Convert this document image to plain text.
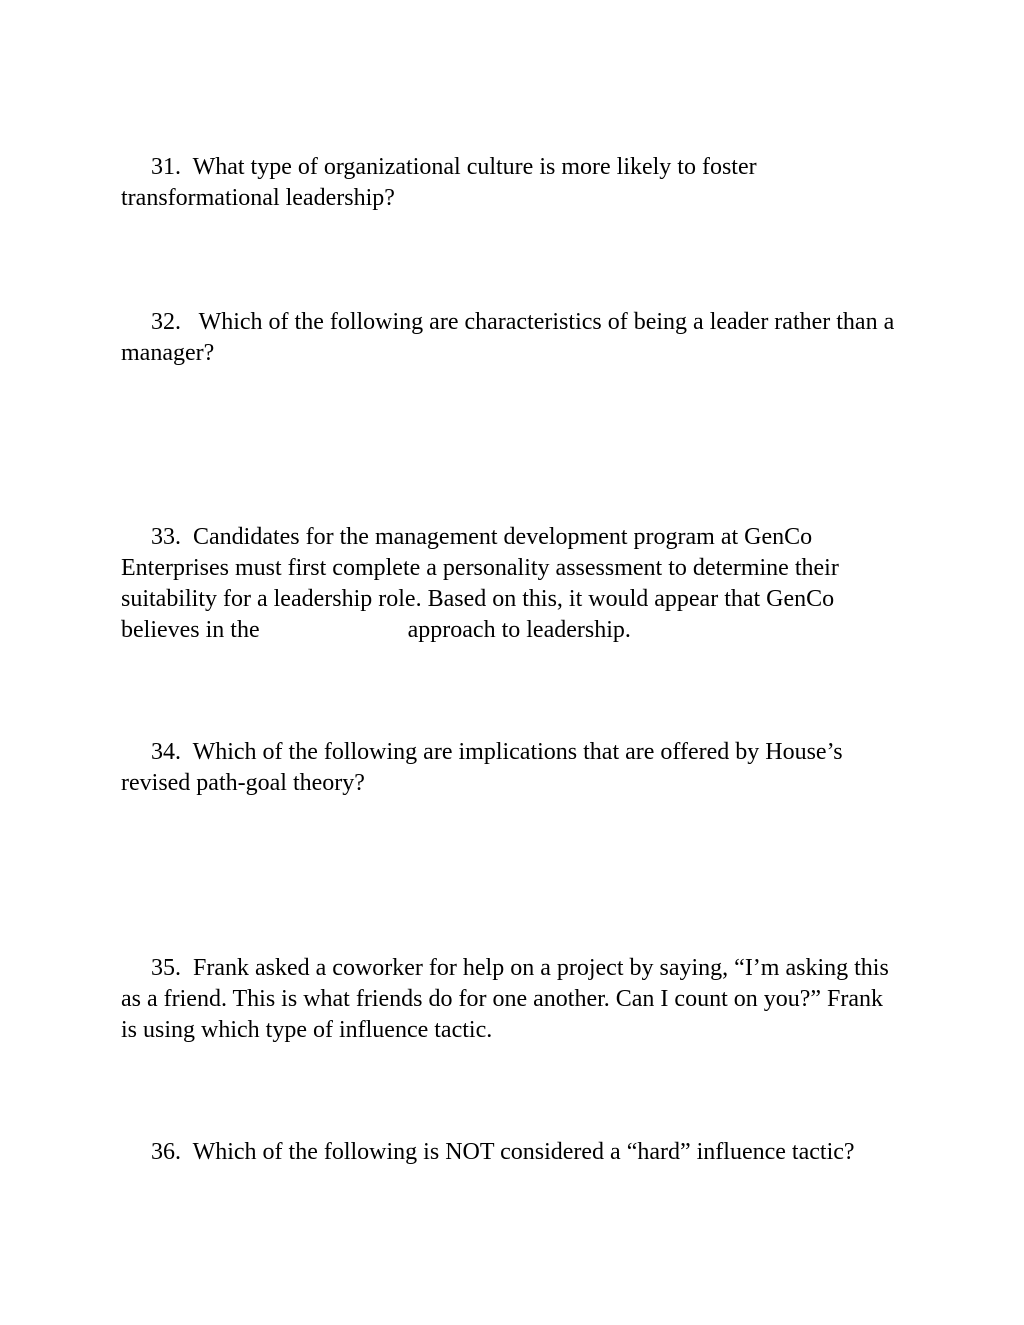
31.  What type of organizational culture is more likely to foster transformational leadership?
32.   Which of the following are characteristics of being a leader rather than a manager?
33.  Candidates for the management development program at GenCo Enterprises must first complete a personality assessment to determine their suitability for a leadership role. Based on this, it would appear that GenCo believes in the	approach to leadership.
34.  Which of the following are implications that are offered by House’s revised path-goal theory?
35.  Frank asked a coworker for help on a project by saying, “I’m asking this as a friend. This is what friends do for one another. Can I count on you?” Frank is using which type of influence tactic.
36.  Which of the following is NOT considered a “hard” influence tactic?
